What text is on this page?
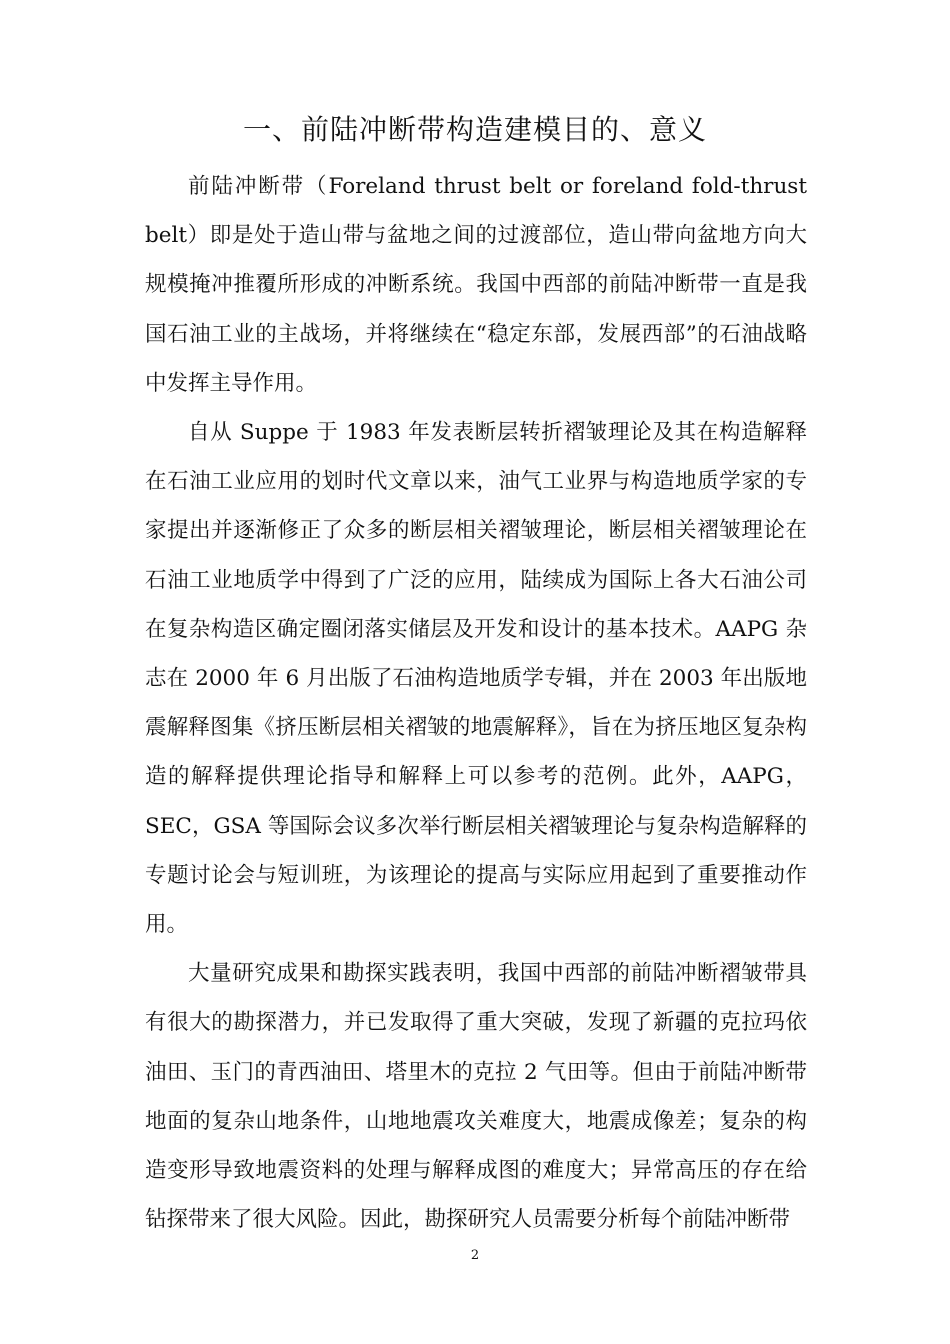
一、前陆冲断带构造建模目的、意义

前陆冲断带（Foreland thrust belt or foreland fold-thrust belt）即是处于造山带与盆地之间的过渡部位，造山带向盆地方向大规模掩冲推覆所形成的冲断系统。我国中西部的前陆冲断带一直是我国石油工业的主战场，并将继续在“稳定东部，发展西部”的石油战略中发挥主导作用。

自从 Suppe 于 1983 年发表断层转折褶皱理论及其在构造解释在石油工业应用的划时代文章以来，油气工业界与构造地质学家的专家提出并逐渐修正了众多的断层相关褶皱理论，断层相关褶皱理论在石油工业地质学中得到了广泛的应用，陆续成为国际上各大石油公司在复杂构造区确定圈闭落实储层及开发和设计的基本技术。AAPG 杂志在 2000 年 6 月出版了石油构造地质学专辑，并在 2003 年出版地震解释图集《挤压断层相关褶皱的地震解释》，旨在为挤压地区复杂构造的解释提供理论指导和解释上可以参考的范例。此外，AAPG，SEC，GSA 等国际会议多次举行断层相关褶皱理论与复杂构造解释的专题讨论会与短训班，为该理论的提高与实际应用起到了重要推动作用。

大量研究成果和勘探实践表明，我国中西部的前陆冲断褶皱带具有很大的勘探潜力，并已发取得了重大突破，发现了新疆的克拉玛依油田、玉门的青西油田、塔里木的克拉 2 气田等。但由于前陆冲断带地面的复杂山地条件，山地地震攻关难度大，地震成像差；复杂的构造变形导致地震资料的处理与解释成图的难度大；异常高压的存在给钻探带来了很大风险。因此，勘探研究人员需要分析每个前陆冲断带

2
